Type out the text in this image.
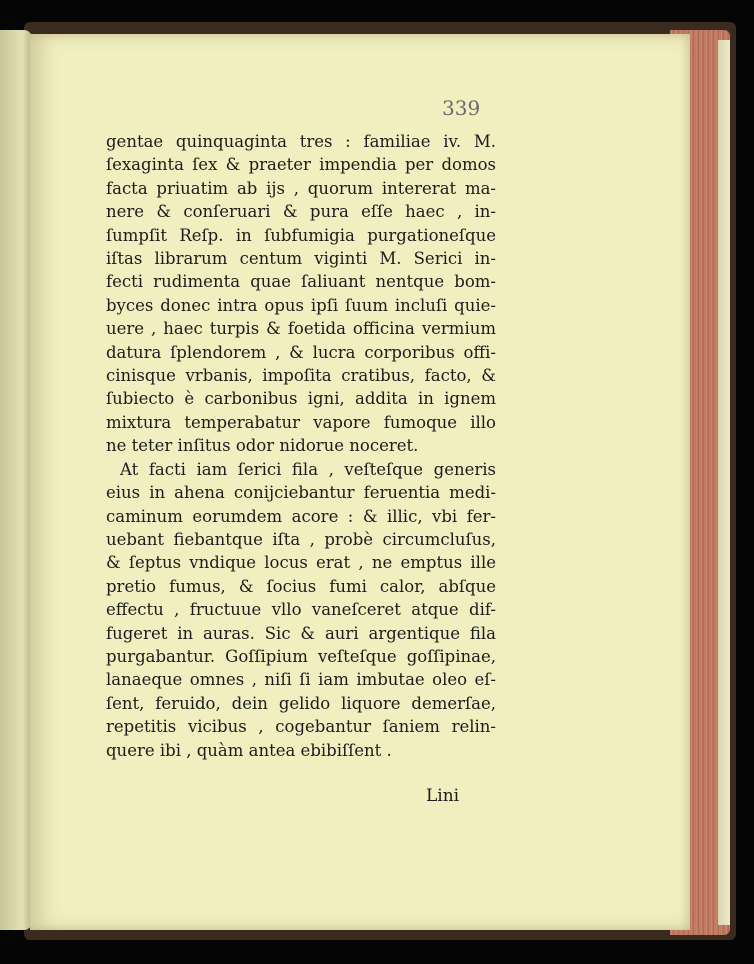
339

gentae quinquaginta tres : familiae iv. M.
ſexaginta ſex & praeter impendia per domos
facta priuatim ab ijs , quorum intererat ma-
nere & conſeruari & pura eſſe haec , in-
ſumpſit Reſp. in ſubfumigia purgationeſque
iſtas librarum centum viginti M. Serici in-
fecti rudimenta quae ſaliuant nentque bom-
byces donec intra opus ipſi ſuum incluſi quie-
uere , haec turpis & foetida officina vermium
datura ſplendorem , & lucra corporibus offi-
cinisque vrbanis, impoſita cratibus, facto, &
ſubiecto è carbonibus igni, addita in ignem
mixtura temperabatur vapore fumoque illo
ne teter inſitus odor nidorue noceret.
At facti iam ſerici fila , veſteſque generis
eius in ahena conijciebantur feruentia medi-
caminum eorumdem acore : & illic, vbi fer-
uebant fiebantque iſta , probè circumcluſus,
& ſeptus vndique locus erat , ne emptus ille
pretio fumus, & ſocius fumi calor, abſque
effectu , fructuue vllo vaneſceret atque dif-
fugeret in auras. Sic & auri argentique fila
purgabantur. Goſſipium veſteſque goſſipinae,
lanaeque omnes , niſi ſi iam imbutae oleo eſ-
ſent, feruido, dein gelido liquore demerſae,
repetitis vicibus , cogebantur ſaniem relin-
quere ibi , quàm antea ebibiſſent .

Lini
